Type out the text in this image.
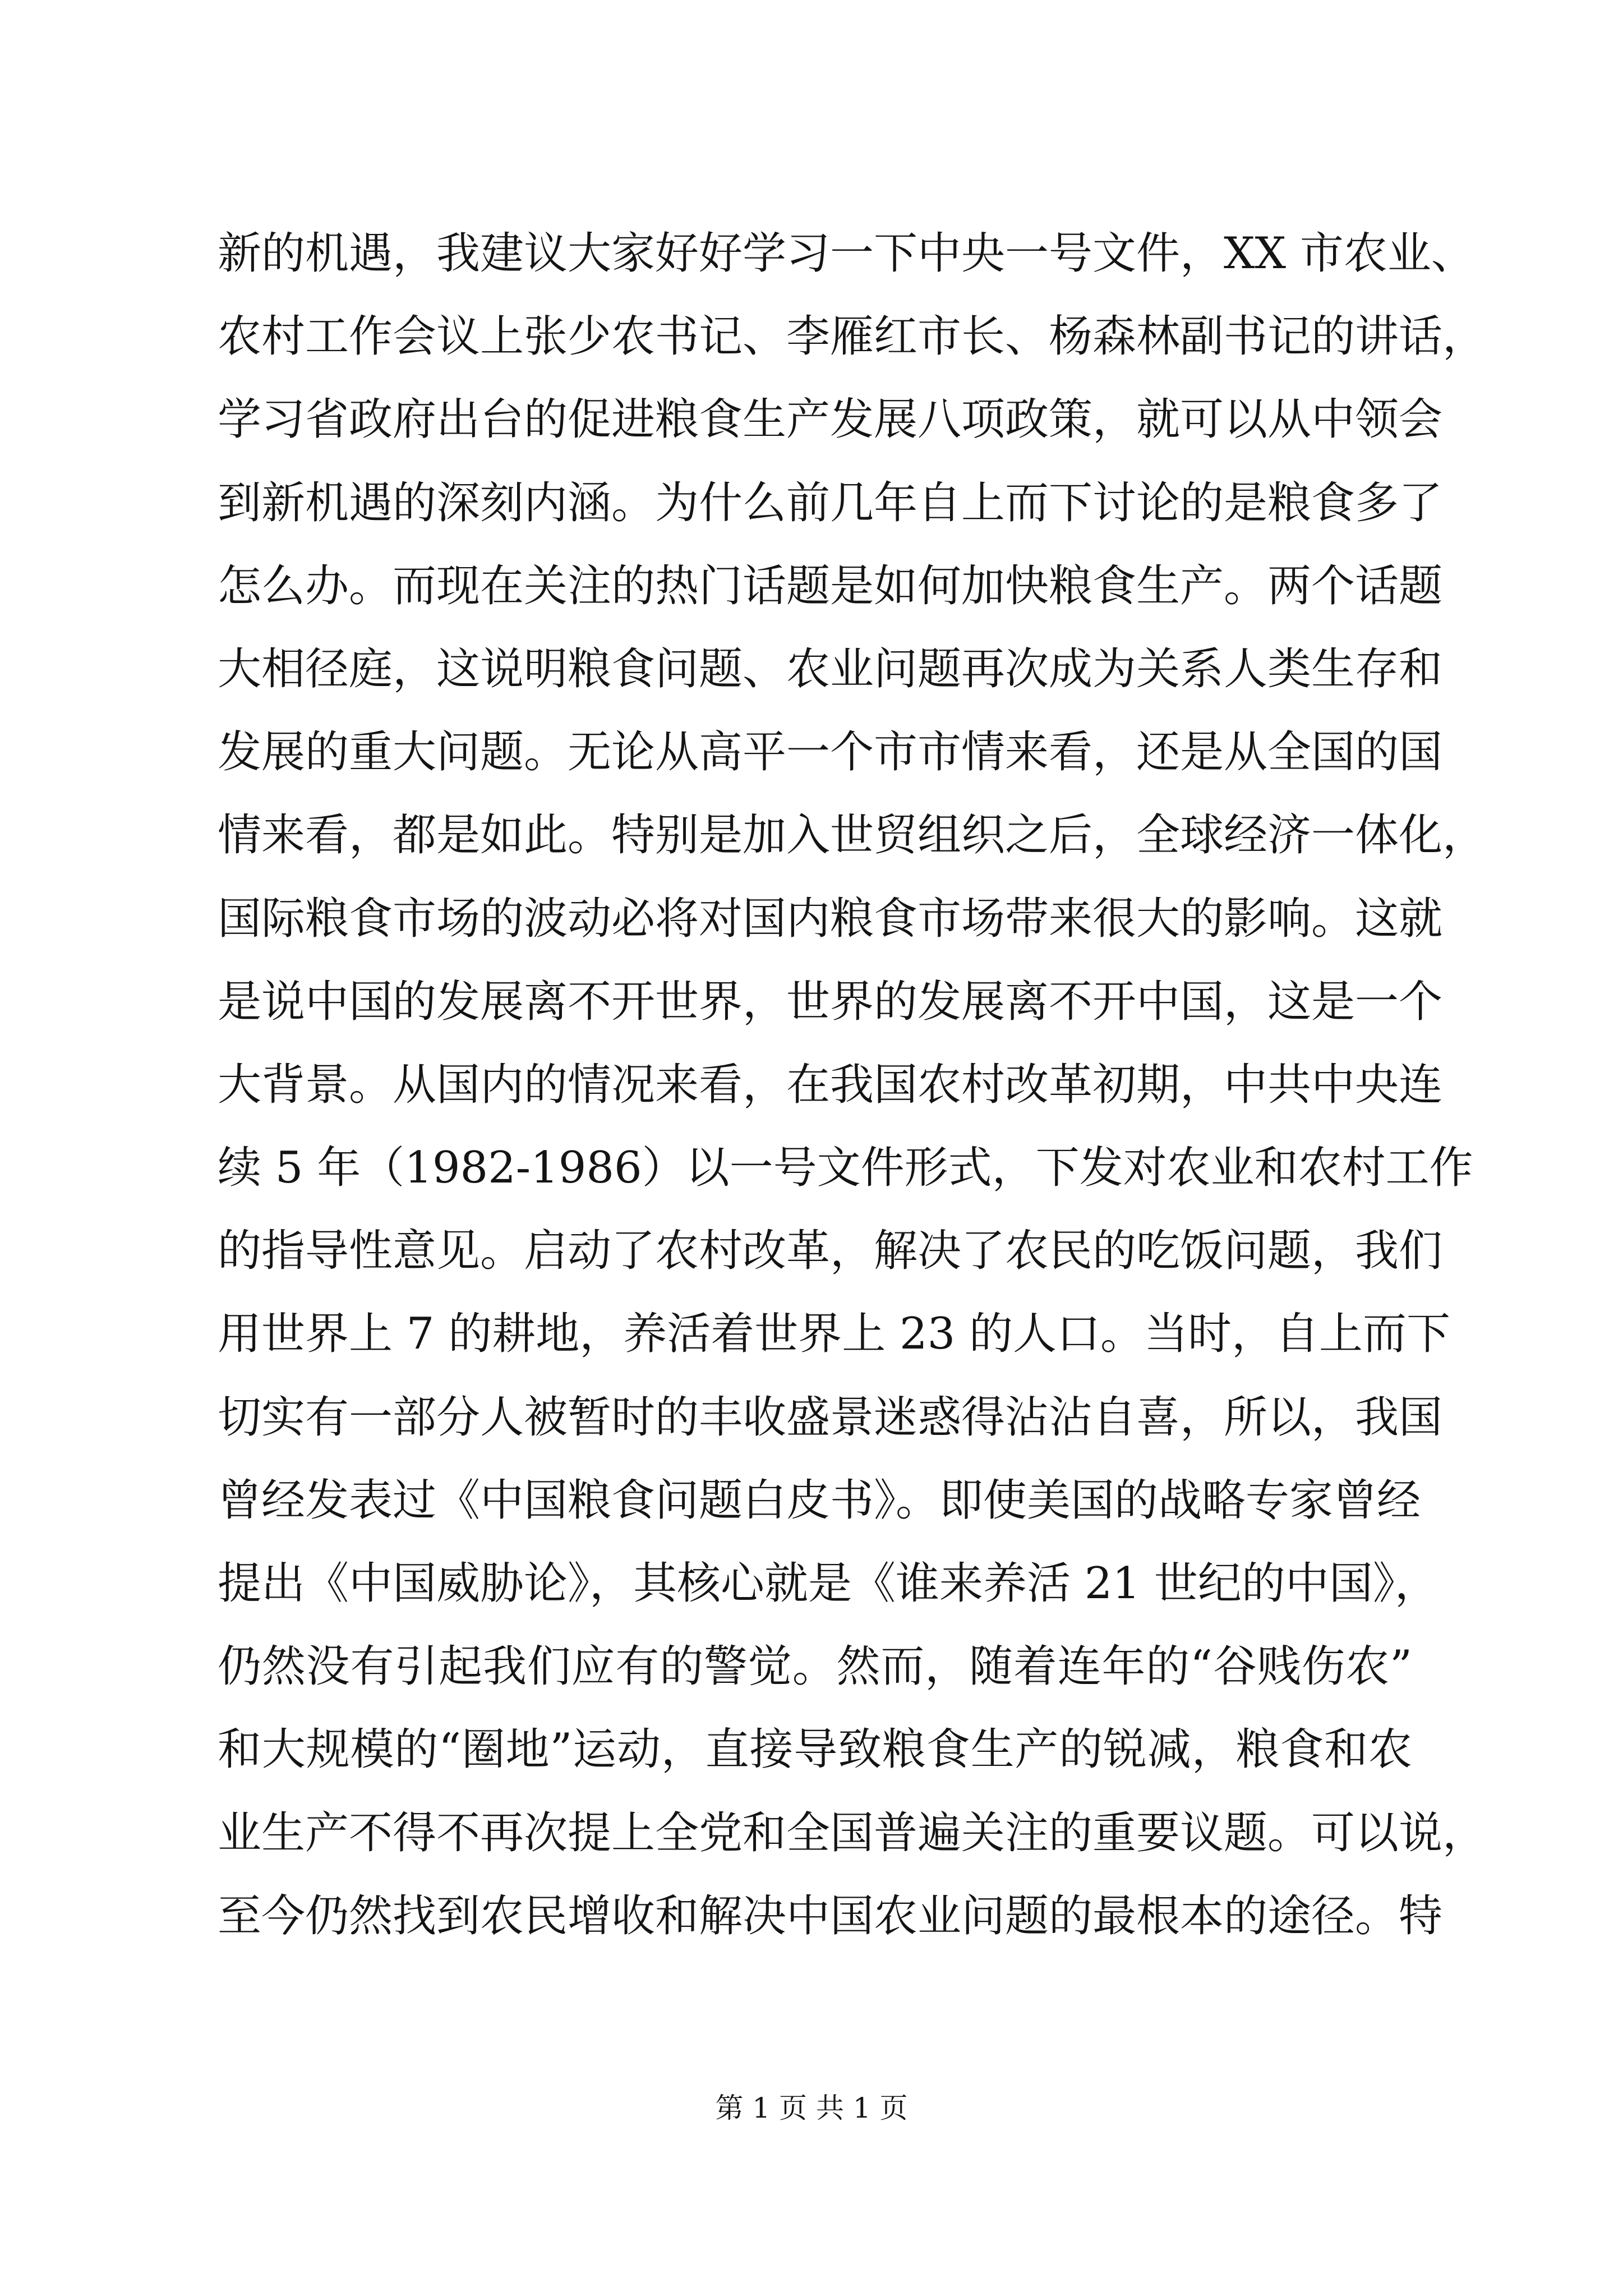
新的机遇，我建议大家好好学习一下中央一号文件，XX 市农业、
农村工作会议上张少农书记、李雁红市长、杨森林副书记的讲话，
学习省政府出台的促进粮食生产发展八项政策，就可以从中领会
到新机遇的深刻内涵。为什么前几年自上而下讨论的是粮食多了
怎么办。而现在关注的热门话题是如何加快粮食生产。两个话题
大相径庭，这说明粮食问题、农业问题再次成为关系人类生存和
发展的重大问题。无论从高平一个市市情来看，还是从全国的国
情来看，都是如此。特别是加入世贸组织之后，全球经济一体化，
国际粮食市场的波动必将对国内粮食市场带来很大的影响。这就
是说中国的发展离不开世界，世界的发展离不开中国，这是一个
大背景。从国内的情况来看，在我国农村改革初期，中共中央连
续 5 年（1982-1986）以一号文件形式，下发对农业和农村工作
的指导性意见。启动了农村改革，解决了农民的吃饭问题，我们
用世界上 7 的耕地，养活着世界上 23 的人口。当时，自上而下
切实有一部分人被暂时的丰收盛景迷惑得沾沾自喜，所以，我国
曾经发表过《中国粮食问题白皮书》。即使美国的战略专家曾经
提出《中国威胁论》，其核心就是《谁来养活 21 世纪的中国》，
仍然没有引起我们应有的警觉。然而，随着连年的“谷贱伤农”
和大规模的“圈地”运动，直接导致粮食生产的锐减，粮食和农
业生产不得不再次提上全党和全国普遍关注的重要议题。可以说，
至今仍然找到农民增收和解决中国农业问题的最根本的途径。特
第 1 页 共 1 页
